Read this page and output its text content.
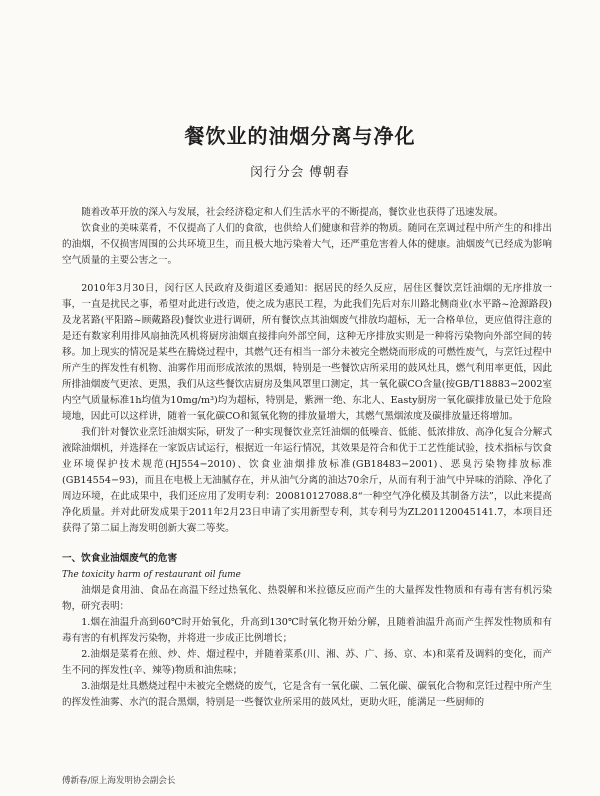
餐饮业的油烟分离与净化
闵行分会 傅朝春

随着改革开放的深入与发展，社会经济稳定和人们生活水平的不断提高，餐饮业也获得了迅速发展。

饮食业的美味菜肴，不仅提高了人们的食欲，也供给人们健康和营养的物质。随同在烹调过程中所产生的和排出的油烟，不仅损害周围的公共环境卫生，而且极大地污染着大气，还严重危害着人体的健康。油烟废气已经成为影响空气质量的主要公害之一。

2010年3月30日，闵行区人民政府及街道区委通知：据居民的经久反应，居住区餐饮烹饪油烟的无序排放一事，一直是扰民之事，希望对此进行改造，使之成为惠民工程，为此我们先后对东川路北侧商业(水平路~沧源路段)及龙茗路(平阳路~顾戴路段)餐饮业进行调研，所有餐饮点其油烟废气排放均超标，无一合格单位，更应值得注意的是还有数家利用排风扇抽洗风机将厨房油烟直接排向外部空间，这种无序排放实则是一种将污染物向外部空间的转移。加上现实的情况是某些在腾烧过程中，其燃气还有相当一部分未被完全燃烧而形成的可燃性废气，与烹饪过程中所产生的挥发性有机物、油雾作用而形成浓浓的黑烟，特别是一些餐饮店所采用的鼓风灶具，燃气利用率更低，因此所排油烟废气更浓、更黑，我们从这些餐饮店厨房及集风罩里口测定，其一氧化碳CO含量(按GB/T18883−2002室内空气质量标准1h均值为10mg/m³)均为超标，特别是，紫洲一绝、东北人、Easty厨房一氧化碳排放量已处于危险境地，因此可以这样讲，随着一氧化碳CO和氮氧化物的排放量增大，其燃气黑烟浓度及碳排放量还将增加。

我们针对餐饮业烹饪油烟实际，研发了一种实现餐饮业烹饪油烟的低噪音、低能、低浓排放、高净化复合分解式液除油烟机，并选择在一家饭店试运行，根据近一年运行情况，其效果是符合和优于工艺性能试验，技术指标与饮食业环境保护技术规范(HJ554−2010)、饮食业油烟排放标准(GB18483−2001)、恶臭污染物排放标准(GB14554−93)，而且在电极上无油腻存在，并从油气分离的油达70余斤，从而有利于油气中异味的消除、净化了周边环境，在此成果中，我们还应用了发明专利：200810127088.8“一种空气净化模及其制备方法”，以此来提高净化质量。并对此研发成果于2011年2月23日申请了实用新型专利，其专利号为ZL201120045141.7，本项目还获得了第二届上海发明创新大赛二等奖。

一、饮食业油烟废气的危害

The toxicity harm of restaurant oil fume

油烟是食用油、食品在高温下经过热氧化、热裂解和米拉德反应而产生的大量挥发性物质和有毒有害有机污染物，研究表明：

1.烟在油温升高到60℃时开始氧化，升高到130℃时氧化物开始分解，且随着油温升高而产生挥发性物质和有毒有害的有机挥发污染物，并将进一步成正比例增长；

2.油烟是菜肴在煎、炒、炸、熘过程中，并随着菜系(川、湘、苏、广、扬、京、本)和菜肴及调料的变化，而产生不同的挥发性(辛、辣等)物质和油焦味；

3.油烟是灶具燃烧过程中未被完全燃烧的废气，它是含有一氧化碳、二氧化碳、碳氧化合物和烹饪过程中所产生的挥发性油雾、水汽的混合黑烟，特别是一些餐饮业所采用的鼓风灶，更助火旺，能满足一些厨师的

傅新春/原上海发明协会副会长
